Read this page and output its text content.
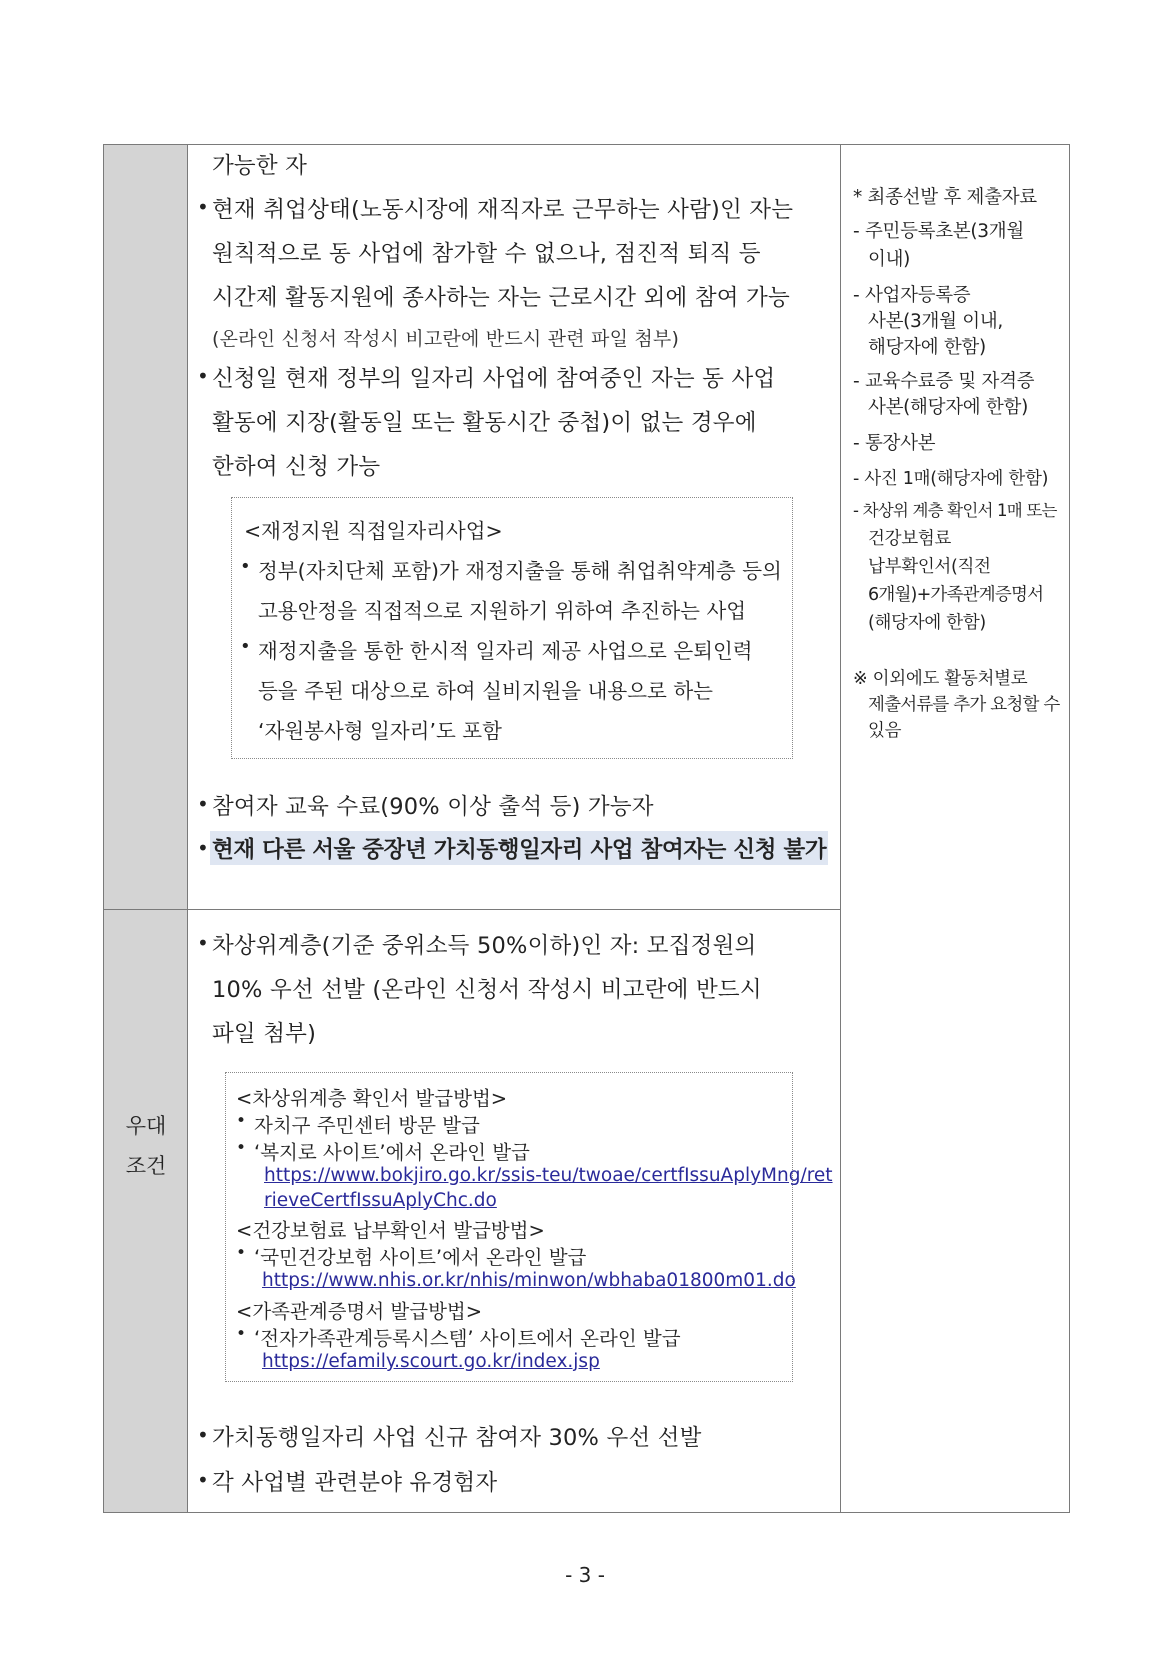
우대
조건
가능한 자
• 현재 취업상태(노동시장에 재직자로 근무하는 사람)인 자는
원칙적으로 동 사업에 참가할 수 없으나, 점진적 퇴직 등
시간제 활동지원에 종사하는 자는 근로시간 외에 참여 가능
(온라인 신청서 작성시 비고란에 반드시 관련 파일 첨부)
• 신청일 현재 정부의 일자리 사업에 참여중인 자는 동 사업
활동에 지장(활동일 또는 활동시간 중첩)이 없는 경우에
한하여 신청 가능
<재정지원 직접일자리사업>
• 정부(자치단체 포함)가 재정지출을 통해 취업취약계층 등의
고용안정을 직접적으로 지원하기 위하여 추진하는 사업
• 재정지출을 통한 한시적 일자리 제공 사업으로 은퇴인력
등을 주된 대상으로 하여 실비지원을 내용으로 하는
‘자원봉사형 일자리’도 포함
• 참여자 교육 수료(90% 이상 출석 등) 가능자
• 현재 다른 서울 중장년 가치동행일자리 사업 참여자는 신청 불가
• 차상위계층(기준 중위소득 50%이하)인 자: 모집정원의
10% 우선 선발 (온라인 신청서 작성시 비고란에 반드시
파일 첨부)
<차상위계층 확인서 발급방법>
• 자치구 주민센터 방문 발급
• ‘복지로 사이트’에서 온라인 발급
https://www.bokjiro.go.kr/ssis-teu/twoae/certfIssuAplyMng/ret
rieveCertfIssuAplyChc.do
<건강보험료 납부확인서 발급방법>
• ‘국민건강보험 사이트’에서 온라인 발급
https://www.nhis.or.kr/nhis/minwon/wbhaba01800m01.do
<가족관계증명서 발급방법>
• ‘전자가족관계등록시스템’ 사이트에서 온라인 발급
https://efamily.scourt.go.kr/index.jsp
• 가치동행일자리 사업 신규 참여자 30% 우선 선발
• 각 사업별 관련분야 유경험자
* 최종선발 후 제출자료
- 주민등록초본(3개월
이내)
- 사업자등록증
사본(3개월 이내,
해당자에 한함)
- 교육수료증 및 자격증
사본(해당자에 한함)
- 통장사본
- 사진 1매(해당자에 한함)
- 차상위 계층 확인서 1매 또는
건강보험료
납부확인서(직전
6개월)+가족관계증명서
(해당자에 한함)
※ 이외에도 활동처별로
제출서류를 추가 요청할 수
있음
- 3 -
